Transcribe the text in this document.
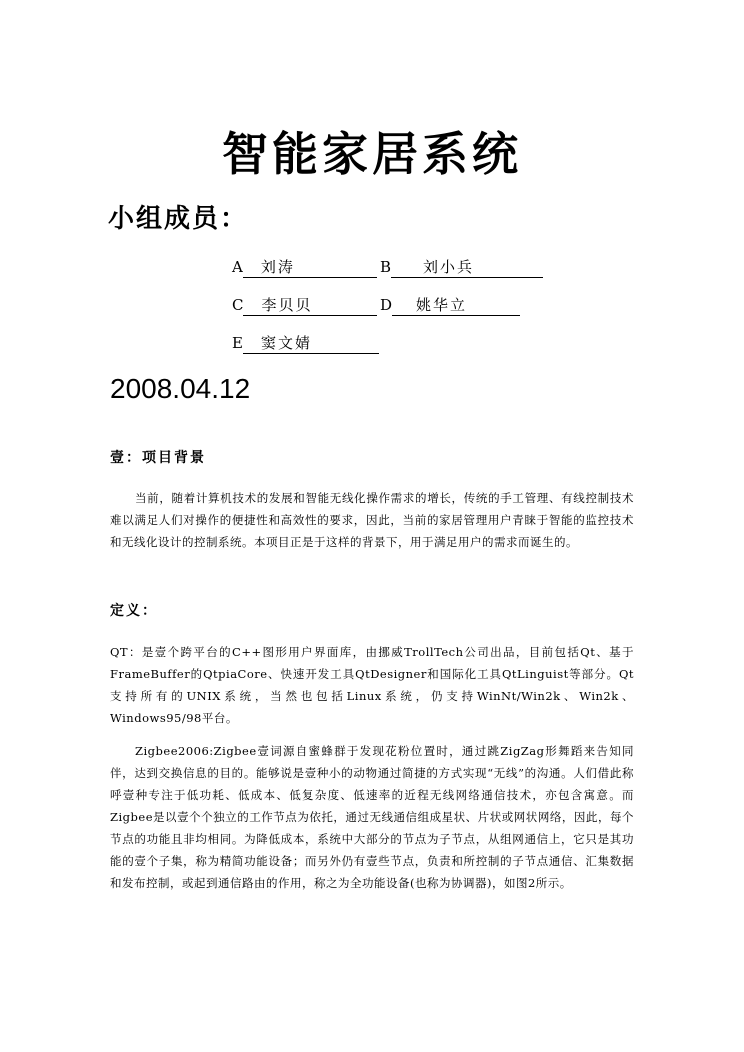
智能家居系统
小组成员：
A 刘涛	B 刘小兵
C 李贝贝	D 姚华立
E 窦文婧
2008.04.12
壹：项目背景
当前，随着计算机技术的发展和智能无线化操作需求的增长，传统的手工管理、有线控制技术难以满足人们对操作的便捷性和高效性的要求，因此，当前的家居管理用户青睐于智能的监控技术和无线化设计的控制系统。本项目正是于这样的背景下，用于满足用户的需求而诞生的。
定义：
QT：是壹个跨平台的C++图形用户界面库，由挪威TrollTech公司出品，目前包括Qt、基于FrameBuffer的QtpiaCore、快速开发工具QtDesigner和国际化工具QtLinguist等部分。Qt支持所有的UNIX系统，当然也包括Linux系统，仍支持WinNt/Win2k、Win2k、Windows95/98平台。
Zigbee2006:Zigbee壹词源自蜜蜂群于发现花粉位置时，通过跳ZigZag形舞蹈来告知同伴，达到交换信息的目的。能够说是壹种小的动物通过简捷的方式实现“无线”的沟通。人们借此称呼壹种专注于低功耗、低成本、低复杂度、低速率的近程无线网络通信技术，亦包含寓意。而Zigbee是以壹个个独立的工作节点为依托，通过无线通信组成星状、片状或网状网络，因此，每个节点的功能且非均相同。为降低成本，系统中大部分的节点为子节点，从组网通信上，它只是其功能的壹个子集，称为精简功能设备；而另外仍有壹些节点，负责和所控制的子节点通信、汇集数据和发布控制，或起到通信路由的作用，称之为全功能设备(也称为协调器)，如图2所示。
